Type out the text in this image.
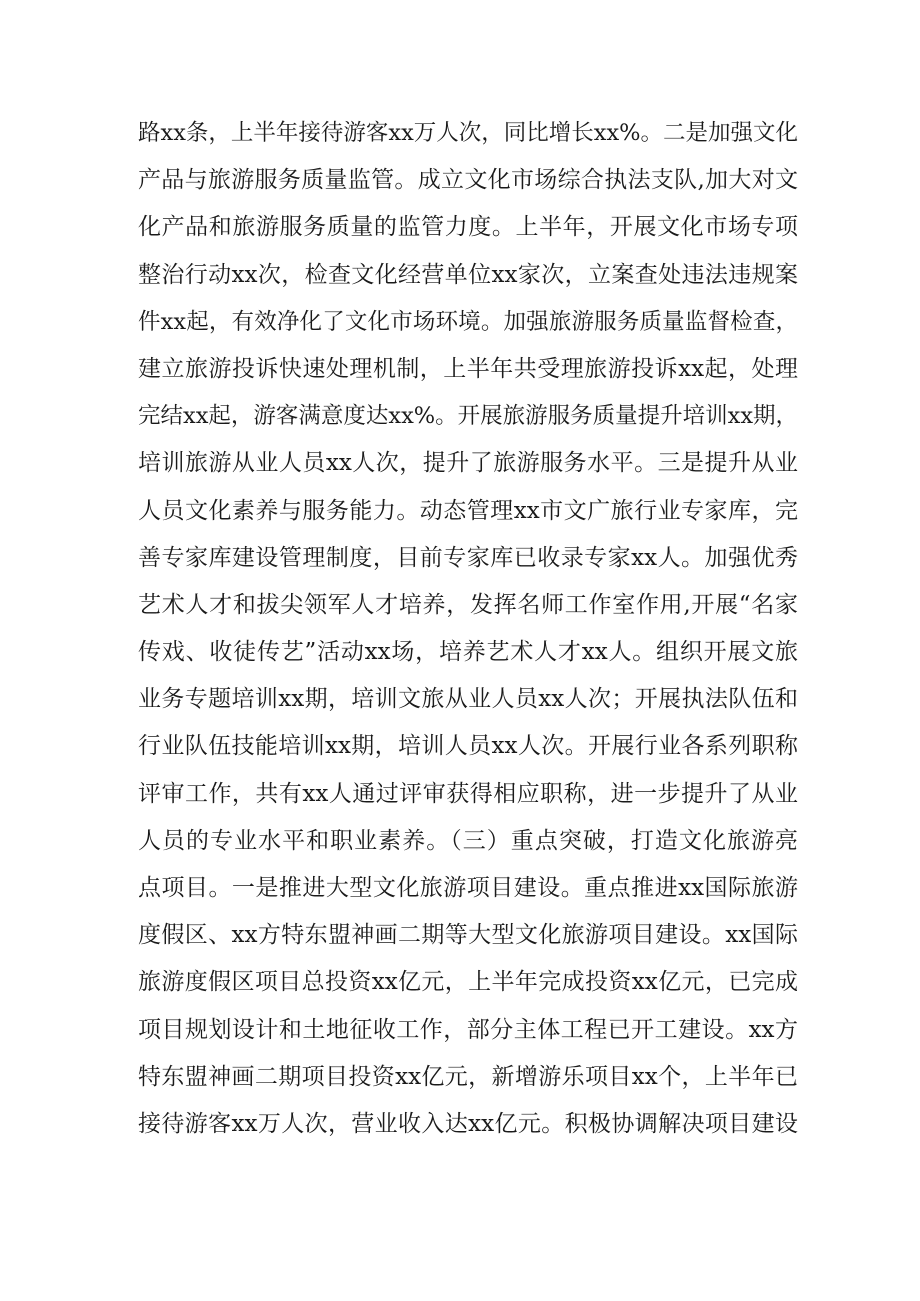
路xx条，上半年接待游客xx万人次，同比增长xx%。二是加强文化
产品与旅游服务质量监管。成立文化市场综合执法支队,加大对文
化产品和旅游服务质量的监管力度。上半年，开展文化市场专项
整治行动xx次，检查文化经营单位xx家次，立案查处违法违规案
件xx起，有效净化了文化市场环境。加强旅游服务质量监督检查，
建立旅游投诉快速处理机制，上半年共受理旅游投诉xx起，处理
完结xx起，游客满意度达xx%。开展旅游服务质量提升培训xx期，
培训旅游从业人员xx人次，提升了旅游服务水平。三是提升从业
人员文化素养与服务能力。动态管理xx市文广旅行业专家库，完
善专家库建设管理制度，目前专家库已收录专家xx人。加强优秀
艺术人才和拔尖领军人才培养，发挥名师工作室作用,开展“名家
传戏、收徒传艺”活动xx场，培养艺术人才xx人。组织开展文旅
业务专题培训xx期，培训文旅从业人员xx人次；开展执法队伍和
行业队伍技能培训xx期，培训人员xx人次。开展行业各系列职称
评审工作，共有xx人通过评审获得相应职称，进一步提升了从业
人员的专业水平和职业素养。（三）重点突破，打造文化旅游亮
点项目。一是推进大型文化旅游项目建设。重点推进xx国际旅游
度假区、xx方特东盟神画二期等大型文化旅游项目建设。xx国际
旅游度假区项目总投资xx亿元，上半年完成投资xx亿元，已完成
项目规划设计和土地征收工作，部分主体工程已开工建设。xx方
特东盟神画二期项目投资xx亿元，新增游乐项目xx个，上半年已
接待游客xx万人次，营业收入达xx亿元。积极协调解决项目建设
